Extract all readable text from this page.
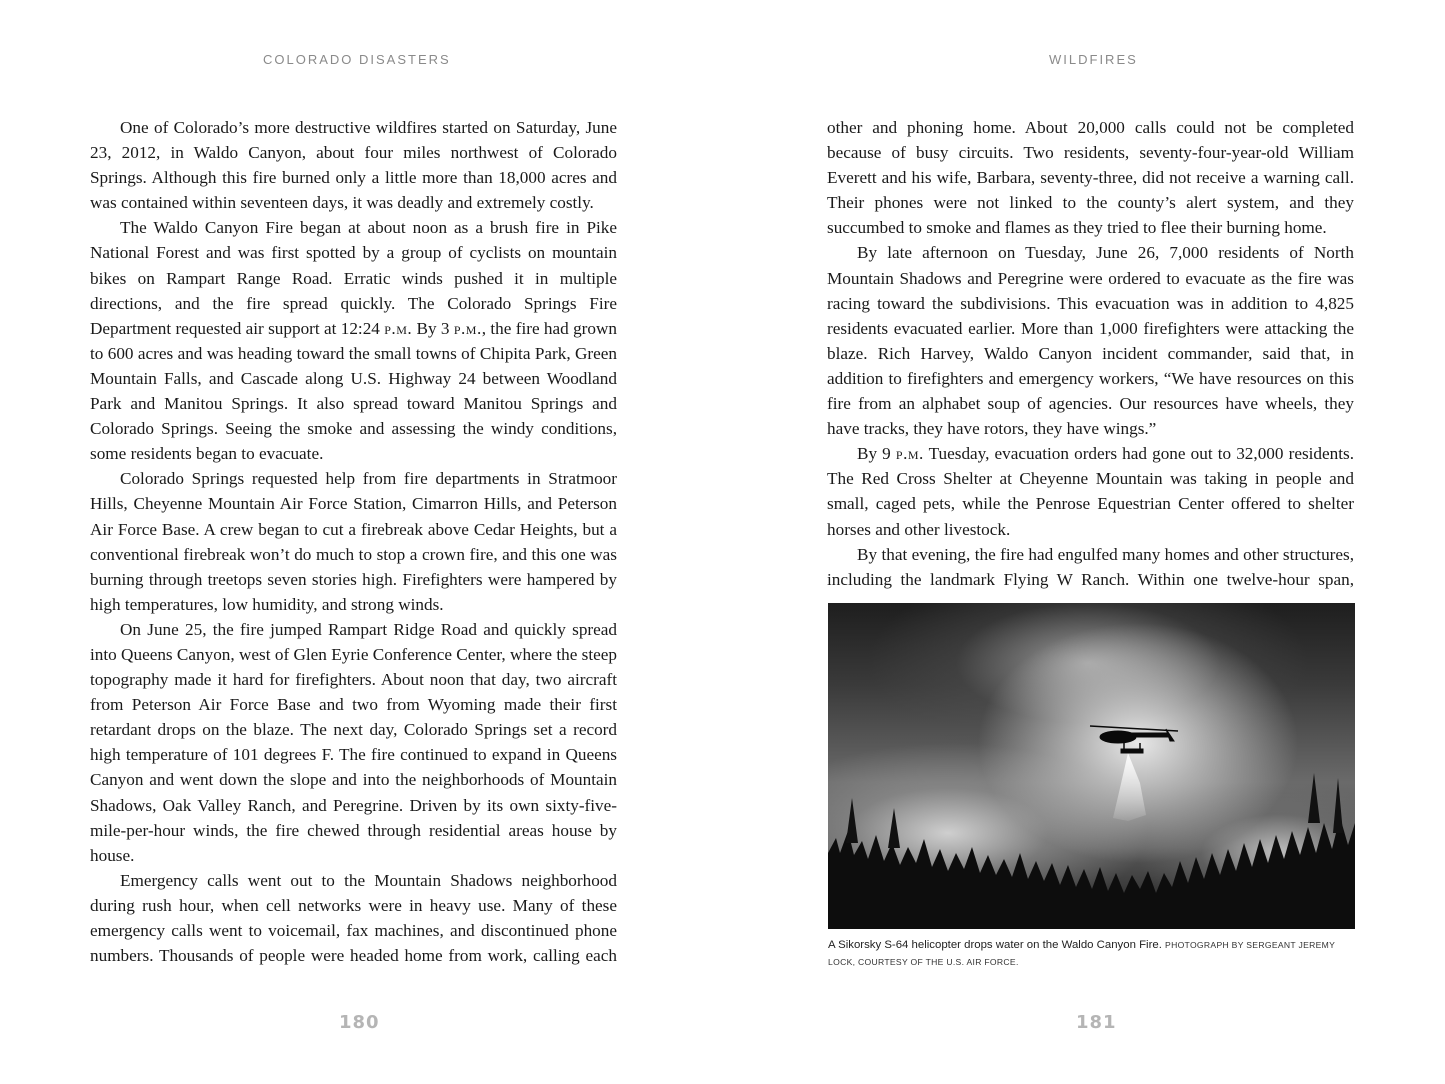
COLORADO DISASTERS

One of Colorado’s more destructive wildfires started on Saturday, June 23, 2012, in Waldo Canyon, about four miles northwest of Colorado Springs. Although this fire burned only a little more than 18,000 acres and was contained within seventeen days, it was deadly and extremely costly.

The Waldo Canyon Fire began at about noon as a brush fire in Pike National Forest and was first spotted by a group of cyclists on mountain bikes on Rampart Range Road. Erratic winds pushed it in multiple directions, and the fire spread quickly. The Colorado Springs Fire Department requested air support at 12:24 p.m. By 3 p.m., the fire had grown to 600 acres and was heading toward the small towns of Chipita Park, Green Mountain Falls, and Cascade along U.S. Highway 24 between Woodland Park and Manitou Springs. It also spread toward Manitou Springs and Colorado Springs. Seeing the smoke and assessing the windy conditions, some residents began to evacuate.

Colorado Springs requested help from fire departments in Stratmoor Hills, Cheyenne Mountain Air Force Station, Cimarron Hills, and Peterson Air Force Base. A crew began to cut a firebreak above Cedar Heights, but a conventional firebreak won’t do much to stop a crown fire, and this one was burning through treetops seven stories high. Firefighters were hampered by high temperatures, low humidity, and strong winds.

On June 25, the fire jumped Rampart Ridge Road and quickly spread into Queens Canyon, west of Glen Eyrie Conference Center, where the steep topography made it hard for firefighters. About noon that day, two aircraft from Peterson Air Force Base and two from Wyoming made their first retardant drops on the blaze. The next day, Colorado Springs set a record high temperature of 101 degrees F. The fire continued to expand in Queens Canyon and went down the slope and into the neighborhoods of Mountain Shadows, Oak Valley Ranch, and Peregrine. Driven by its own sixty-five-mile-per-hour winds, the fire chewed through residential areas house by house.

Emergency calls went out to the Mountain Shadows neighborhood during rush hour, when cell networks were in heavy use. Many of these emergency calls went to voicemail, fax machines, and discontinued phone numbers. Thousands of people were headed home from work, calling each

180
WILDFIRES

other and phoning home. About 20,000 calls could not be completed because of busy circuits. Two residents, seventy-four-year-old William Everett and his wife, Barbara, seventy-three, did not receive a warning call. Their phones were not linked to the county’s alert system, and they succumbed to smoke and flames as they tried to flee their burning home.

By late afternoon on Tuesday, June 26, 7,000 residents of North Mountain Shadows and Peregrine were ordered to evacuate as the fire was racing toward the subdivisions. This evacuation was in addition to 4,825 residents evacuated earlier. More than 1,000 firefighters were attacking the blaze. Rich Harvey, Waldo Canyon incident commander, said that, in addition to firefighters and emergency workers, “We have resources on this fire from an alphabet soup of agencies. Our resources have wheels, they have tracks, they have rotors, they have wings.”

By 9 p.m. Tuesday, evacuation orders had gone out to 32,000 residents. The Red Cross Shelter at Cheyenne Mountain was taking in people and small, caged pets, while the Penrose Equestrian Center offered to shelter horses and other livestock.

By that evening, the fire had engulfed many homes and other structures, including the landmark Flying W Ranch. Within one twelve-hour span,

A Sikorsky S-64 helicopter drops water on the Waldo Canyon Fire. PHOTOGRAPH BY SERGEANT JEREMY LOCK, COURTESY OF THE U.S. AIR FORCE.
181
